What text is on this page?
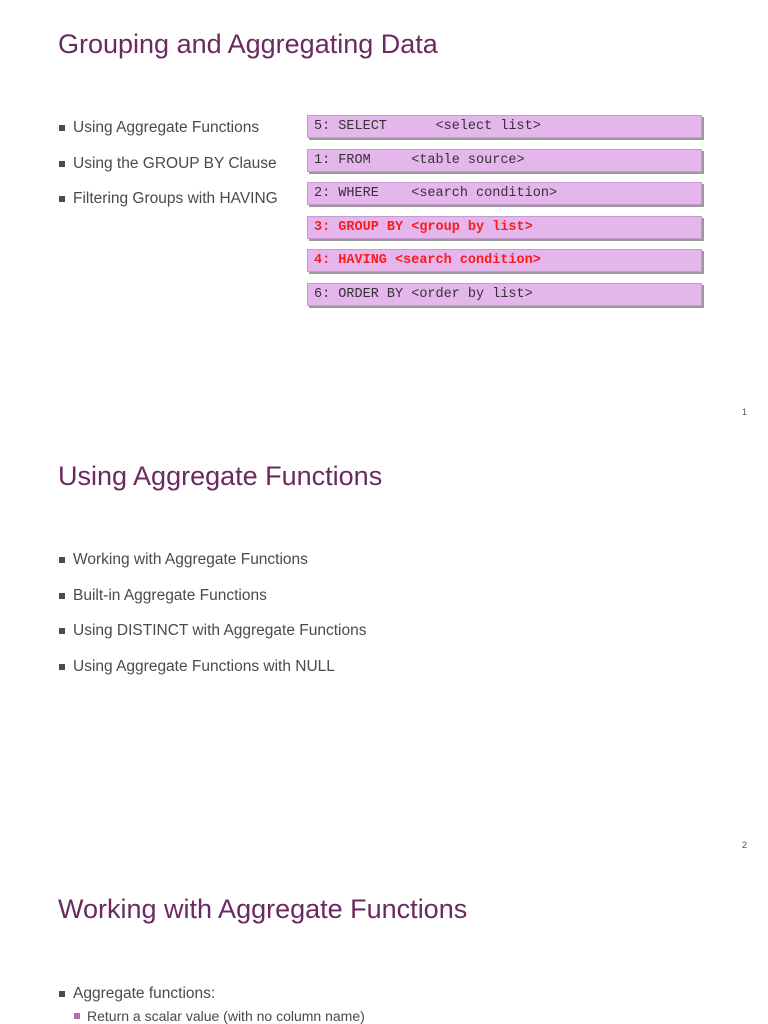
Grouping and Aggregating Data
Using Aggregate Functions
Using the GROUP BY Clause
Filtering Groups with HAVING
5: SELECT      <select list>
1: FROM     <table source>
2: WHERE    <search condition>
3: GROUP BY <group by list>
4: HAVING <search condition>
6: ORDER BY <order by list>
1
Using Aggregate Functions
Working with Aggregate Functions
Built-in Aggregate Functions
Using DISTINCT with Aggregate Functions
Using Aggregate Functions with NULL
2
Working with Aggregate Functions
Aggregate functions:
Return a scalar value (with no column name)
